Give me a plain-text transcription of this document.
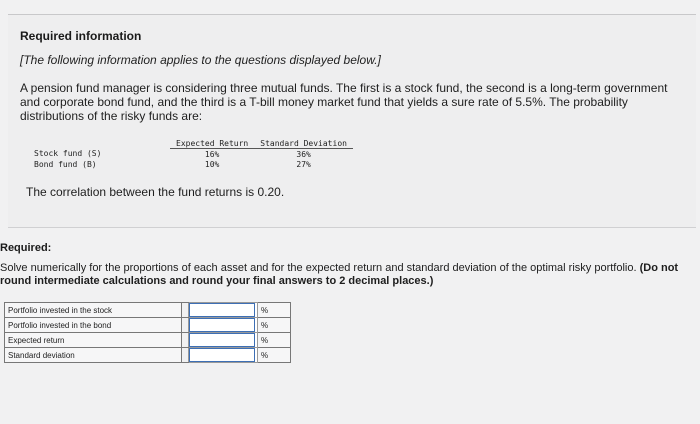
Required information
[The following information applies to the questions displayed below.]
A pension fund manager is considering three mutual funds. The first is a stock fund, the second is a long-term government and corporate bond fund, and the third is a T-bill money market fund that yields a sure rate of 5.5%. The probability distributions of the risky funds are:
	Expected Return	Standard Deviation
Stock fund (S)	16%	36%
Bond fund (B)	10%	27%
The correlation between the fund returns is 0.20.
Required:
Solve numerically for the proportions of each asset and for the expected return and standard deviation of the optimal risky portfolio. (Do not round intermediate calculations and round your final answers to 2 decimal places.)
Portfolio invested in the stock			%
Portfolio invested in the bond			%
Expected return			%
Standard deviation			%
